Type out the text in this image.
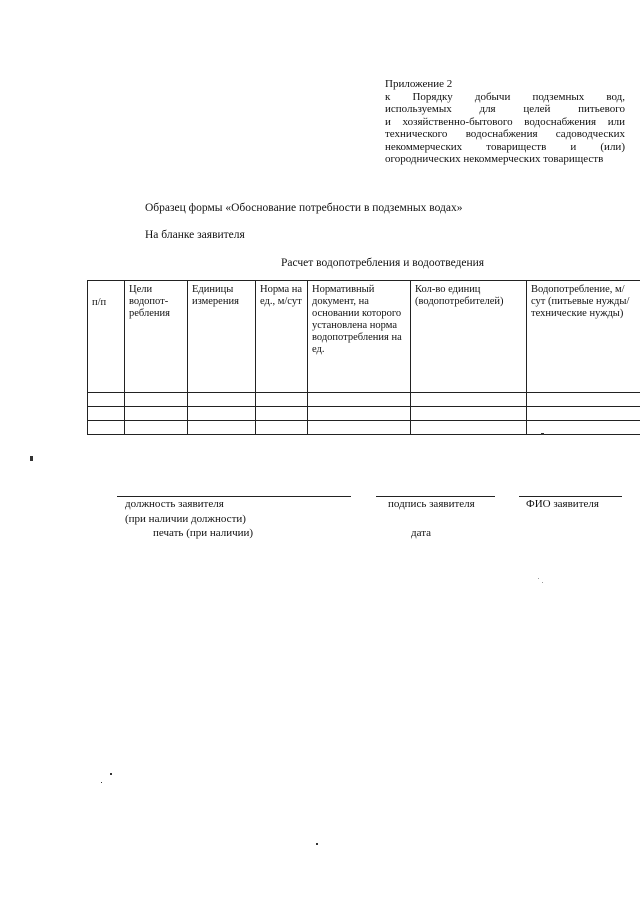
Приложение 2
к Порядку добычи подземных вод,
используемых для целей питьевого
и хозяйственно-бытового водоснабжения или
технического водоснабжения садоводческих
некоммерческих товариществ и (или)
огороднических некоммерческих товариществ
Образец формы «Обоснование потребности в подземных водах»
На бланке заявителя
Расчет водопотребления и водоотведения
п/п	Цели водопот-ребления	Единицы измерения	Норма на ед., м/сут	Нормативный документ, на основании которого установлена норма водопотребления на ед.	Кол-во единиц (водопотребителей)	Водопотребление, м/сут (питьевые нужды/технические нужды)

должность заявителя
(при наличии должности)
печать (при наличии)
подпись заявителя
дата
ФИО заявителя
